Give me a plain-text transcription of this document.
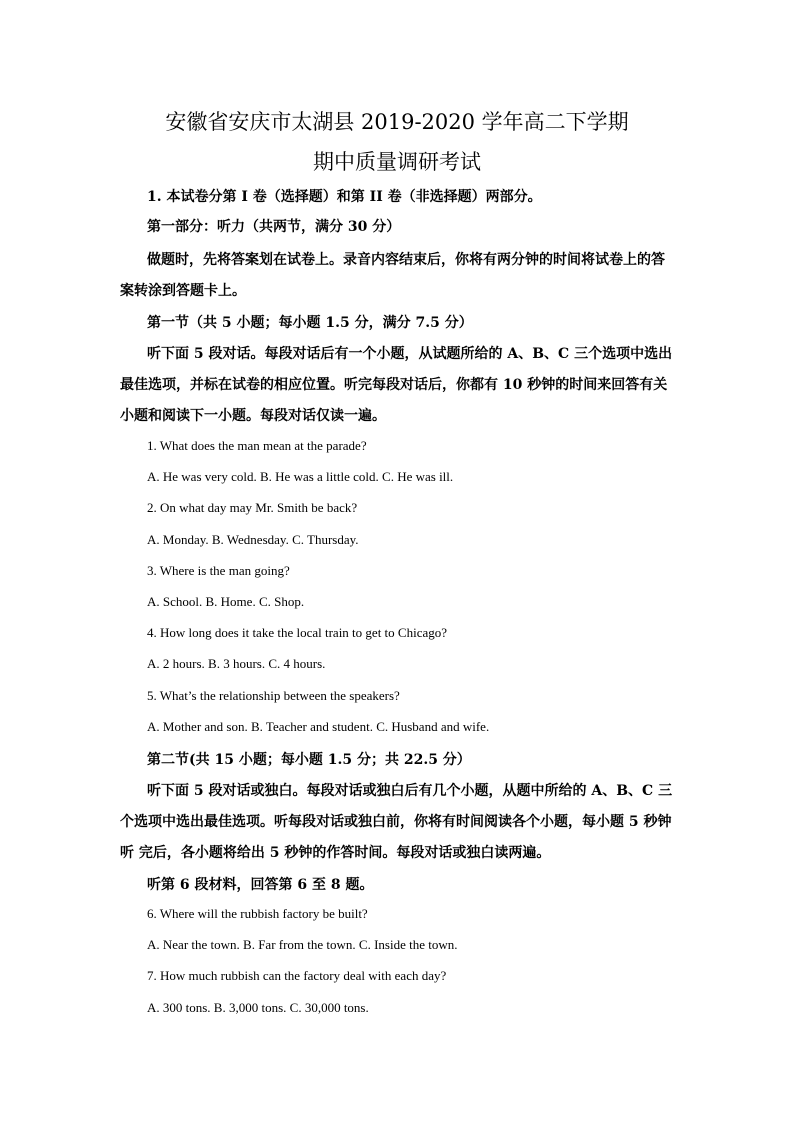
安徽省安庆市太湖县 2019-2020 学年高二下学期
期中质量调研考试
1. 本试卷分第 I 卷（选择题）和第 II 卷（非选择题）两部分。
第一部分：听力（共两节，满分 30 分）
做题时，先将答案划在试卷上。录音内容结束后，你将有两分钟的时间将试卷上的答
案转涂到答题卡上。
第一节（共 5 小题；每小题 1.5 分，满分 7.5 分）
听下面 5 段对话。每段对话后有一个小题，从试题所给的 A、B、C 三个选项中选出
最佳选项，并标在试卷的相应位置。听完每段对话后，你都有 10 秒钟的时间来回答有关
小题和阅读下一小题。每段对话仅读一遍。
1. What does the man mean at the parade?
A. He was very cold. B. He was a little cold. C. He was ill.
2. On what day may Mr. Smith be back?
A. Monday. B. Wednesday. C. Thursday.
3. Where is the man going?
A. School. B. Home. C. Shop.
4. How long does it take the local train to get to Chicago?
A. 2 hours. B. 3 hours. C. 4 hours.
5. What’s the relationship between the speakers?
A. Mother and son. B. Teacher and student. C. Husband and wife.
第二节(共 15 小题；每小题 1.5 分；共 22.5 分）
听下面 5 段对话或独白。每段对话或独白后有几个小题，从题中所给的 A、B、C 三
个选项中选出最佳选项。听每段对话或独白前，你将有时间阅读各个小题，每小题 5 秒钟
听 完后，各小题将给出 5 秒钟的作答时间。每段对话或独白读两遍。
听第 6 段材料，回答第 6 至 8 题。
6. Where will the rubbish factory be built?
A. Near the town. B. Far from the town. C. Inside the town.
7. How much rubbish can the factory deal with each day?
A. 300 tons. B. 3,000 tons. C. 30,000 tons.
